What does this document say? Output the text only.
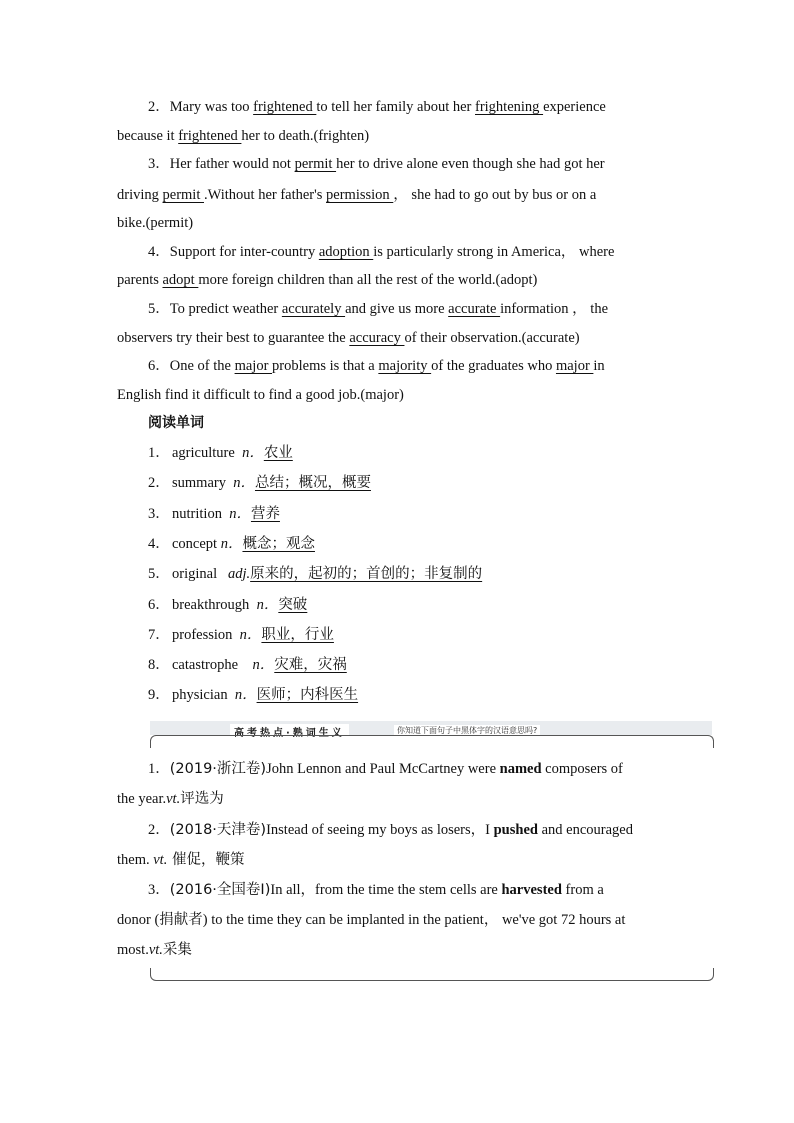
2．Mary was too frightened to tell her family about her frightening experience
because it frightened her to death.(frighten)
3．Her father would not permit her to drive alone even though she had got her
driving permit .Without her father's permission ， she had to go out by bus or on a
bike.(permit)
4．Support for inter-country adoption is particularly strong in America， where
parents adopt more foreign children than all the rest of the world.(adopt)
5．To predict weather accurately and give us more accurate information ， the
observers try their best to guarantee the accuracy of their observation.(accurate)
6．One of the major problems is that a majority of the graduates who major in
English find it difficult to find a good job.(major)
阅读单词
1． agriculture n．农业
2． summary n．总结；概况，概要
3． nutrition n．营养
4． concept n．概念；观念
5． original adj.原来的，起初的；首创的；非复制的
6． breakthrough n．突破
7． profession n．职业，行业
8． catastrophe n．灾难，灾祸
9． physician n．医师；内科医生
高考热点·熟词生义	你知道下面句子中黑体字的汉语意思吗?
1．(2019·浙江卷)John Lennon and Paul McCartney were named composers of
the year.vt.评选为
2．(2018·天津卷)Instead of seeing my boys as losers，I pushed and encouraged
them. vt. 催促，鞭策
3．(2016·全国卷Ⅰ)In all，from the time the stem cells are harvested from a
donor (捐献者) to the time they can be implanted in the patient， we've got 72 hours at
most.vt.采集
